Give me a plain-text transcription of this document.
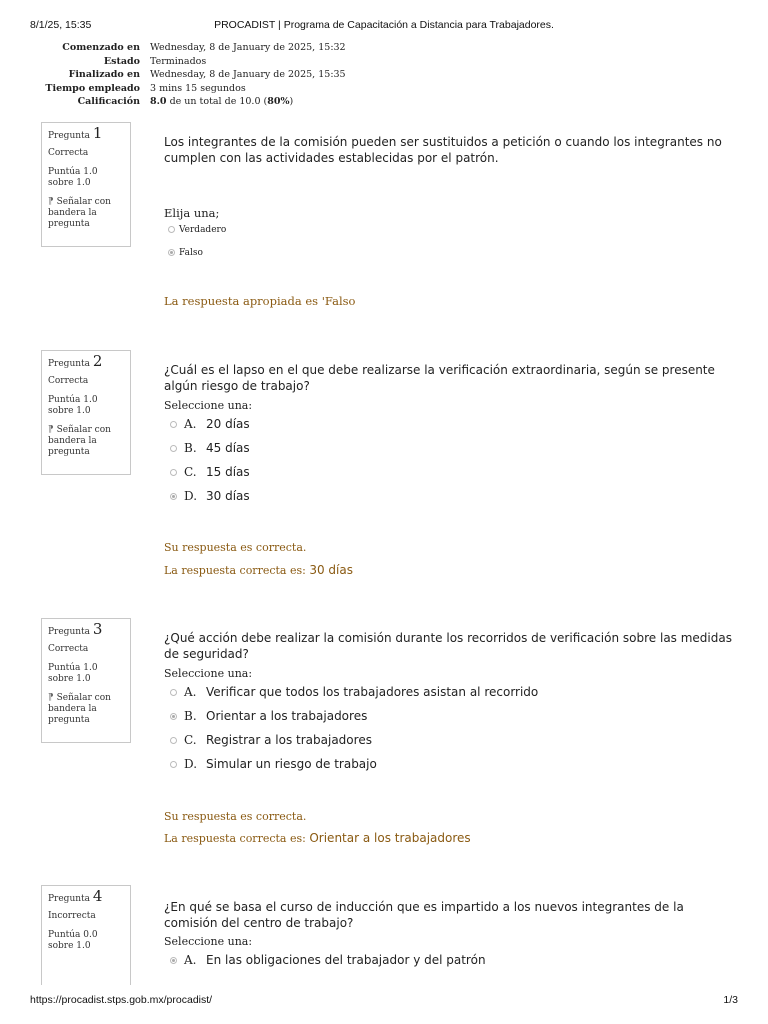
8/1/25, 15:35	PROCADIST | Programa de Capacitación a Distancia para Trabajadores.
Comenzado en	Wednesday, 8 de January de 2025, 15:32
Estado	Terminados
Finalizado en	Wednesday, 8 de January de 2025, 15:35
Tiempo empleado	3 mins 15 segundos
Calificación	8.0 de un total de 10.0 (80%)
Pregunta 1
Correcta
Puntúa 1.0 sobre 1.0
⁋ Señalar con bandera la pregunta
Los integrantes de la comisión pueden ser sustituidos a petición o cuando los integrantes no cumplen con las actividades establecidas por el patrón.
Elija una;
Verdadero
Falso
La respuesta apropiada es 'Falso
Pregunta 2
Correcta
Puntúa 1.0 sobre 1.0
⁋ Señalar con bandera la pregunta
¿Cuál es el lapso en el que debe realizarse la verificación extraordinaria, según se presente algún riesgo de trabajo?
Seleccione una:
A. 20 días
B. 45 días
C. 15 días
D. 30 días
Su respuesta es correcta.
La respuesta correcta es: 30 días
Pregunta 3
Correcta
Puntúa 1.0 sobre 1.0
⁋ Señalar con bandera la pregunta
¿Qué acción debe realizar la comisión durante los recorridos de verificación sobre las medidas de seguridad?
Seleccione una:
A. Verificar que todos los trabajadores asistan al recorrido
B. Orientar a los trabajadores
C. Registrar a los trabajadores
D. Simular un riesgo de trabajo
Su respuesta es correcta.
La respuesta correcta es: Orientar a los trabajadores
Pregunta 4
Incorrecta
Puntúa 0.0 sobre 1.0
¿En qué se basa el curso de inducción que es impartido a los nuevos integrantes de la comisión del centro de trabajo?
Seleccione una:
A. En las obligaciones del trabajador y del patrón
https://procadist.stps.gob.mx/procadist/	1/3
